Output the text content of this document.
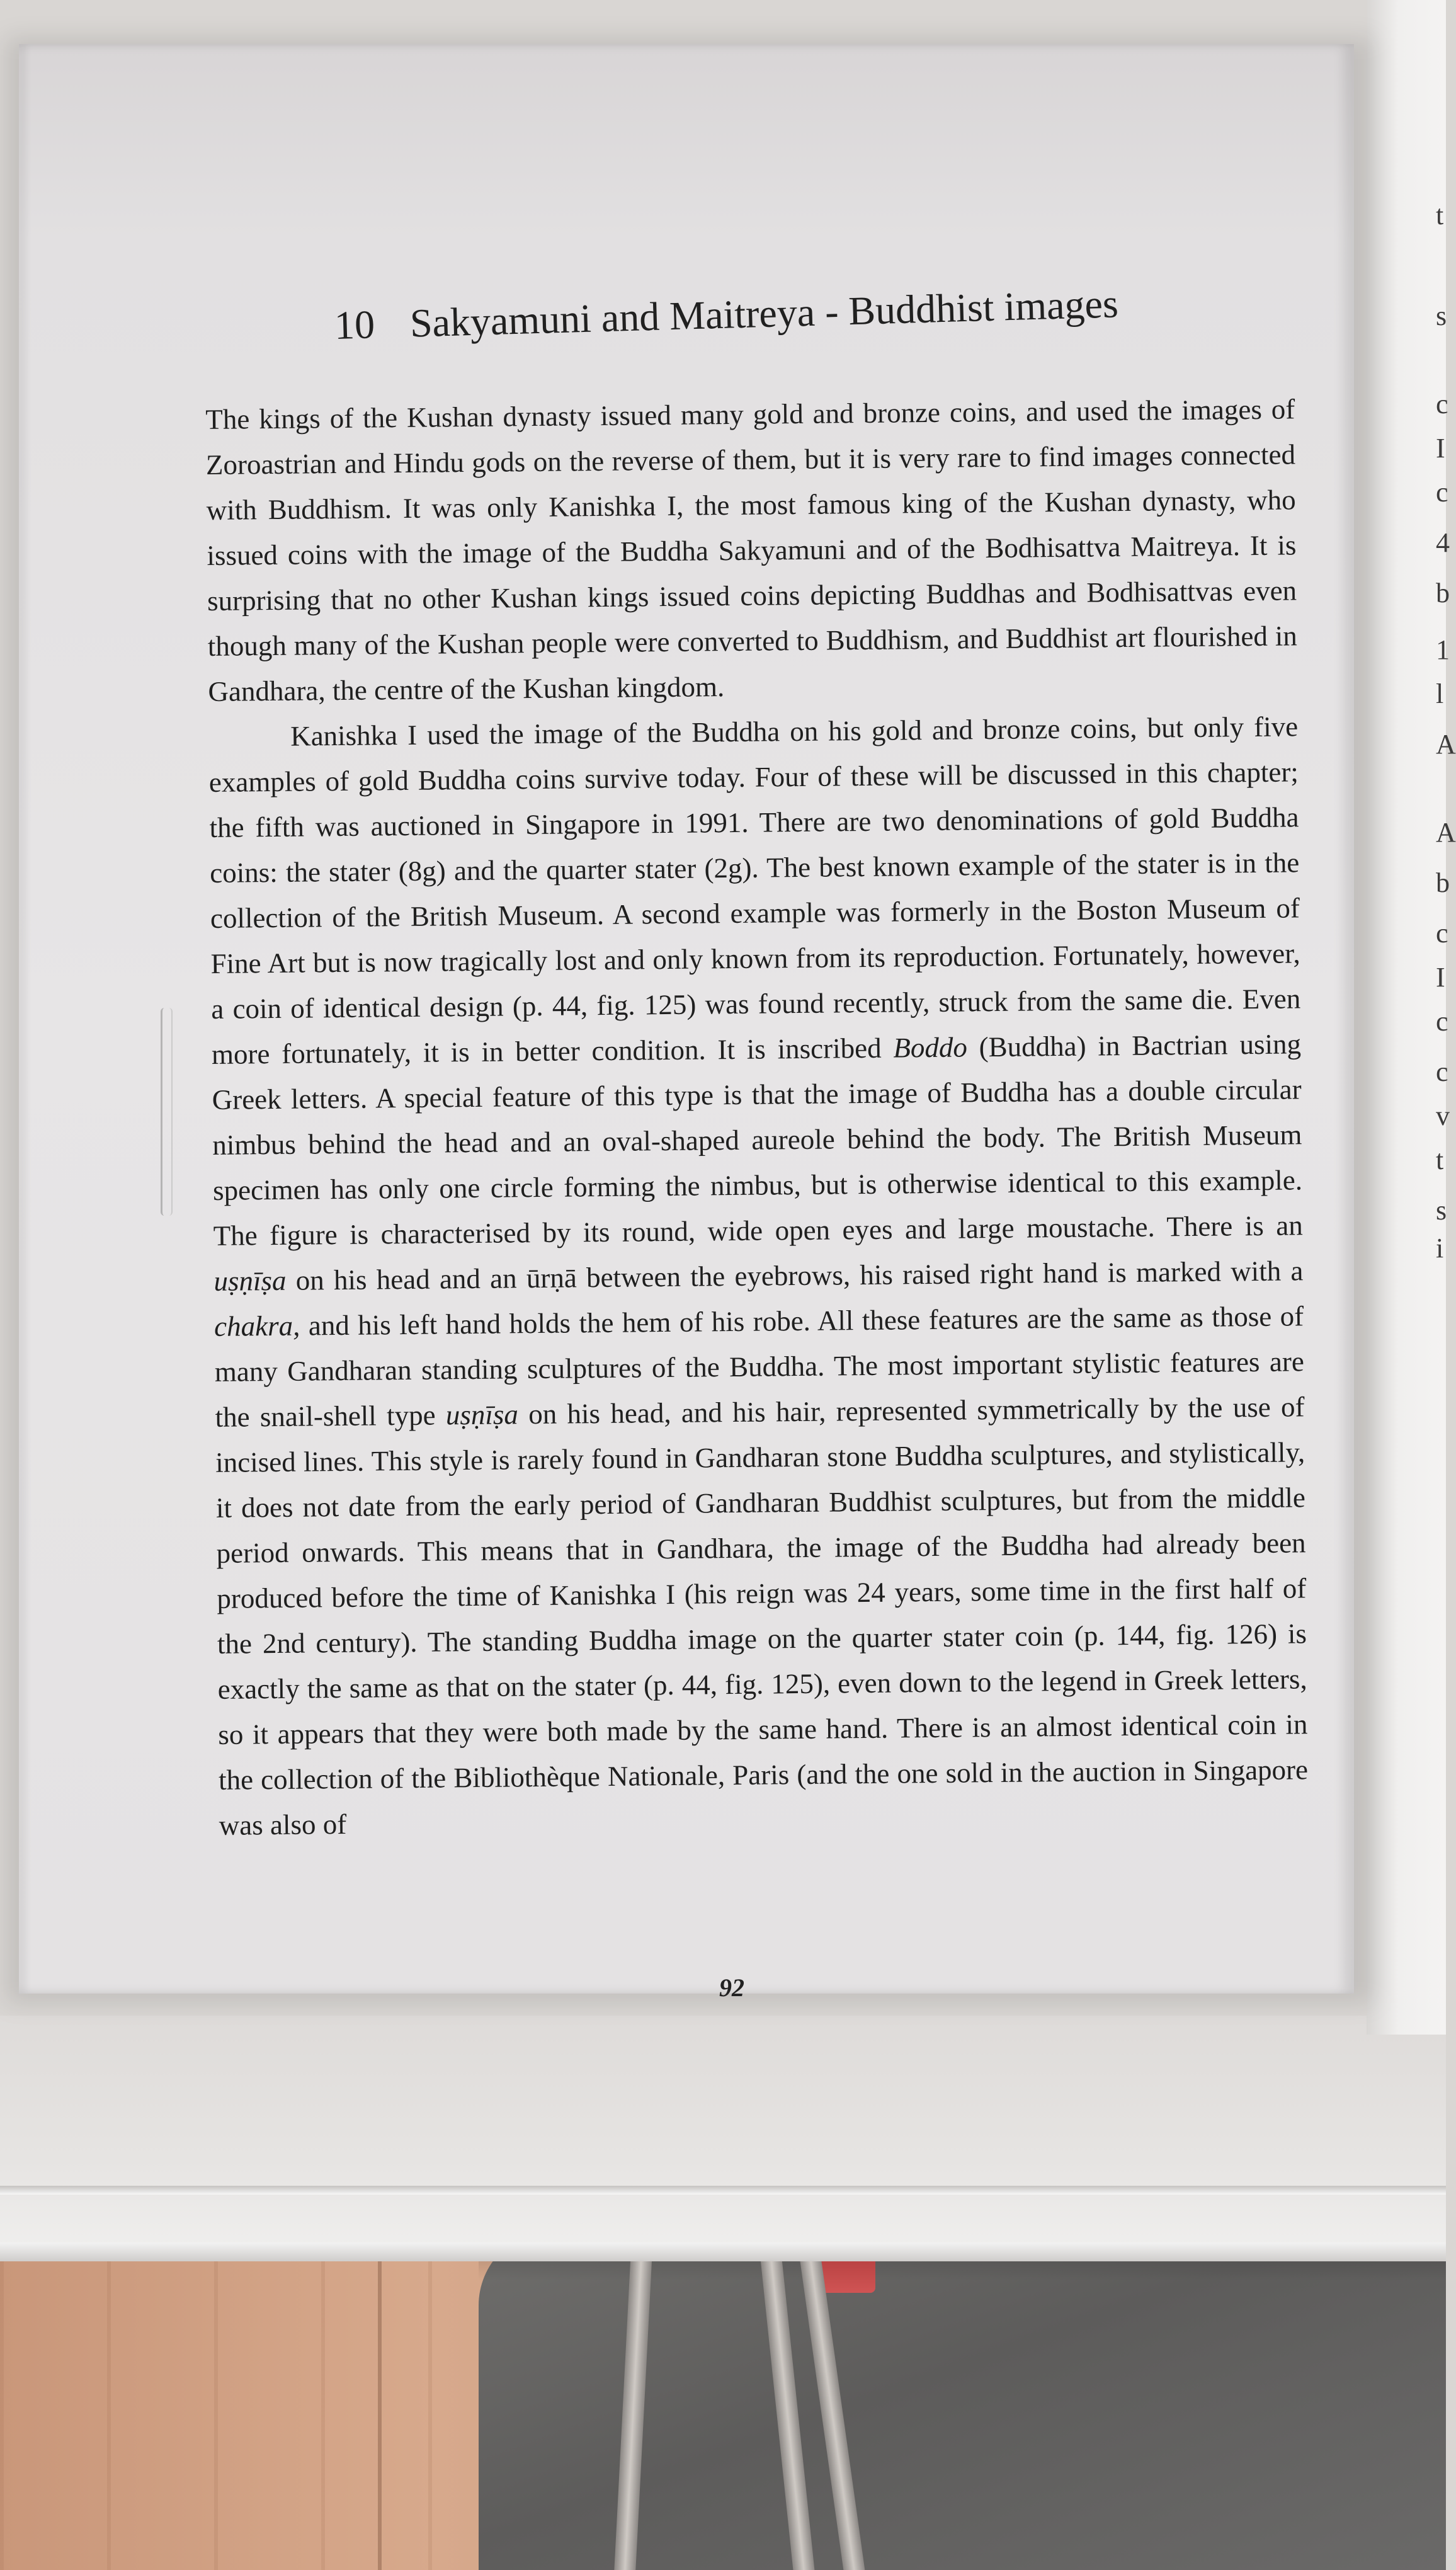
t
s
c
I
c
4
b
1
l
A
A
b
c
I
c
c
v
t
s
i
10 Sakyamuni and Maitreya - Buddhist images

The kings of the Kushan dynasty issued many gold and bronze coins, and used the images of Zoroastrian and Hindu gods on the reverse of them, but it is very rare to find images connected with Buddhism. It was only Kanishka I, the most famous king of the Kushan dynasty, who issued coins with the image of the Buddha Sakyamuni and of the Bodhisattva Maitreya. It is surprising that no other Kushan kings issued coins depicting Buddhas and Bodhisattvas even though many of the Kushan people were converted to Buddhism, and Buddhist art flourished in Gandhara, the centre of the Kushan kingdom.

Kanishka I used the image of the Buddha on his gold and bronze coins, but only five examples of gold Buddha coins survive today. Four of these will be discussed in this chapter; the fifth was auctioned in Singapore in 1991. There are two denominations of gold Buddha coins: the stater (8g) and the quarter stater (2g). The best known example of the stater is in the collection of the British Museum. A second example was formerly in the Boston Museum of Fine Art but is now tragically lost and only known from its reproduction. Fortunately, however, a coin of identical design (p. 44, fig. 125) was found recently, struck from the same die. Even more fortunately, it is in better condition. It is inscribed Boddo (Buddha) in Bactrian using Greek letters. A special feature of this type is that the image of Buddha has a double circular nimbus behind the head and an oval-shaped aureole behind the body. The British Museum specimen has only one circle forming the nimbus, but is otherwise identical to this example. The figure is characterised by its round, wide open eyes and large moustache. There is an uṣṇīṣa on his head and an ūrṇā between the eyebrows, his raised right hand is marked with a chakra, and his left hand holds the hem of his robe. All these features are the same as those of many Gandharan standing sculptures of the Buddha. The most important stylistic features are the snail-shell type uṣṇīṣa on his head, and his hair, represented symmetrically by the use of incised lines. This style is rarely found in Gandharan stone Buddha sculptures, and stylistically, it does not date from the early period of Gandharan Buddhist sculptures, but from the middle period onwards. This means that in Gandhara, the image of the Buddha had already been produced before the time of Kanishka I (his reign was 24 years, some time in the first half of the 2nd century). The standing Buddha image on the quarter stater coin (p. 144, fig. 126) is exactly the same as that on the stater (p. 44, fig. 125), even down to the legend in Greek letters, so it appears that they were both made by the same hand. There is an almost identical coin in the collection of the Bibliothèque Nationale, Paris (and the one sold in the auction in Singapore was also of

92
